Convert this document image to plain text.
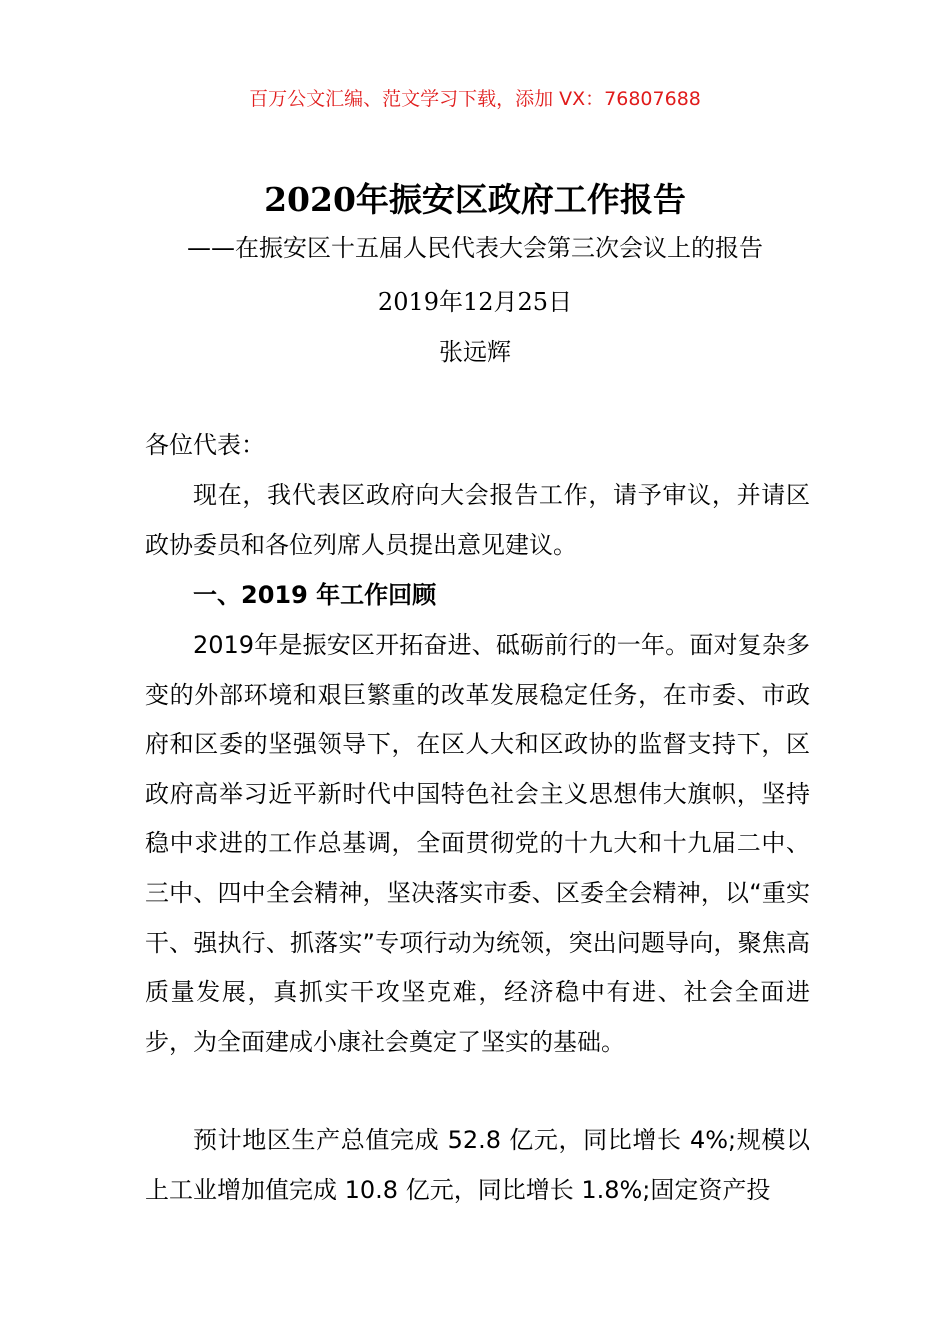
百万公文汇编、范文学习下载，添加 VX：76807688
2020年振安区政府工作报告
——在振安区十五届人民代表大会第三次会议上的报告
2019年12月25日
张远辉
各位代表：
现在，我代表区政府向大会报告工作，请予审议，并请区政协委员和各位列席人员提出意见建议。
一、2019 年工作回顾
2019年是振安区开拓奋进、砥砺前行的一年。面对复杂多变的外部环境和艰巨繁重的改革发展稳定任务，在市委、市政府和区委的坚强领导下，在区人大和区政协的监督支持下，区政府高举习近平新时代中国特色社会主义思想伟大旗帜，坚持稳中求进的工作总基调，全面贯彻党的十九大和十九届二中、三中、四中全会精神，坚决落实市委、区委全会精神，以“重实干、强执行、抓落实”专项行动为统领，突出问题导向，聚焦高质量发展，真抓实干攻坚克难，经济稳中有进、社会全面进步，为全面建成小康社会奠定了坚实的基础。
预计地区生产总值完成 52.8 亿元，同比增长 4%;规模以上工业增加值完成 10.8 亿元，同比增长 1.8%;固定资产投
